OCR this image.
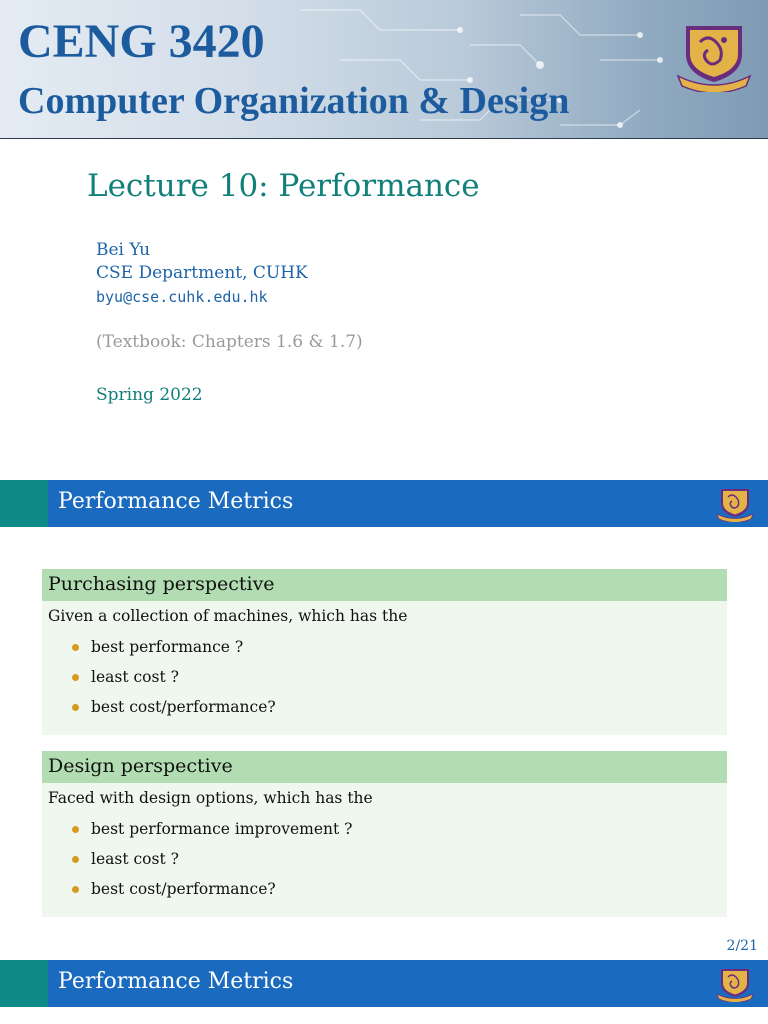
CENG 3420
Computer Organization & Design
Lecture 10: Performance
Bei Yu
CSE Department, CUHK
byu@cse.cuhk.edu.hk
(Textbook: Chapters 1.6 & 1.7)
Spring 2022
Performance Metrics
Purchasing perspective

Given a collection of machines, which has the

best performance ?
least cost ?
best cost/performance?
Design perspective

Faced with design options, which has the

best performance improvement ?
least cost ?
best cost/performance?
2/21
Performance Metrics
